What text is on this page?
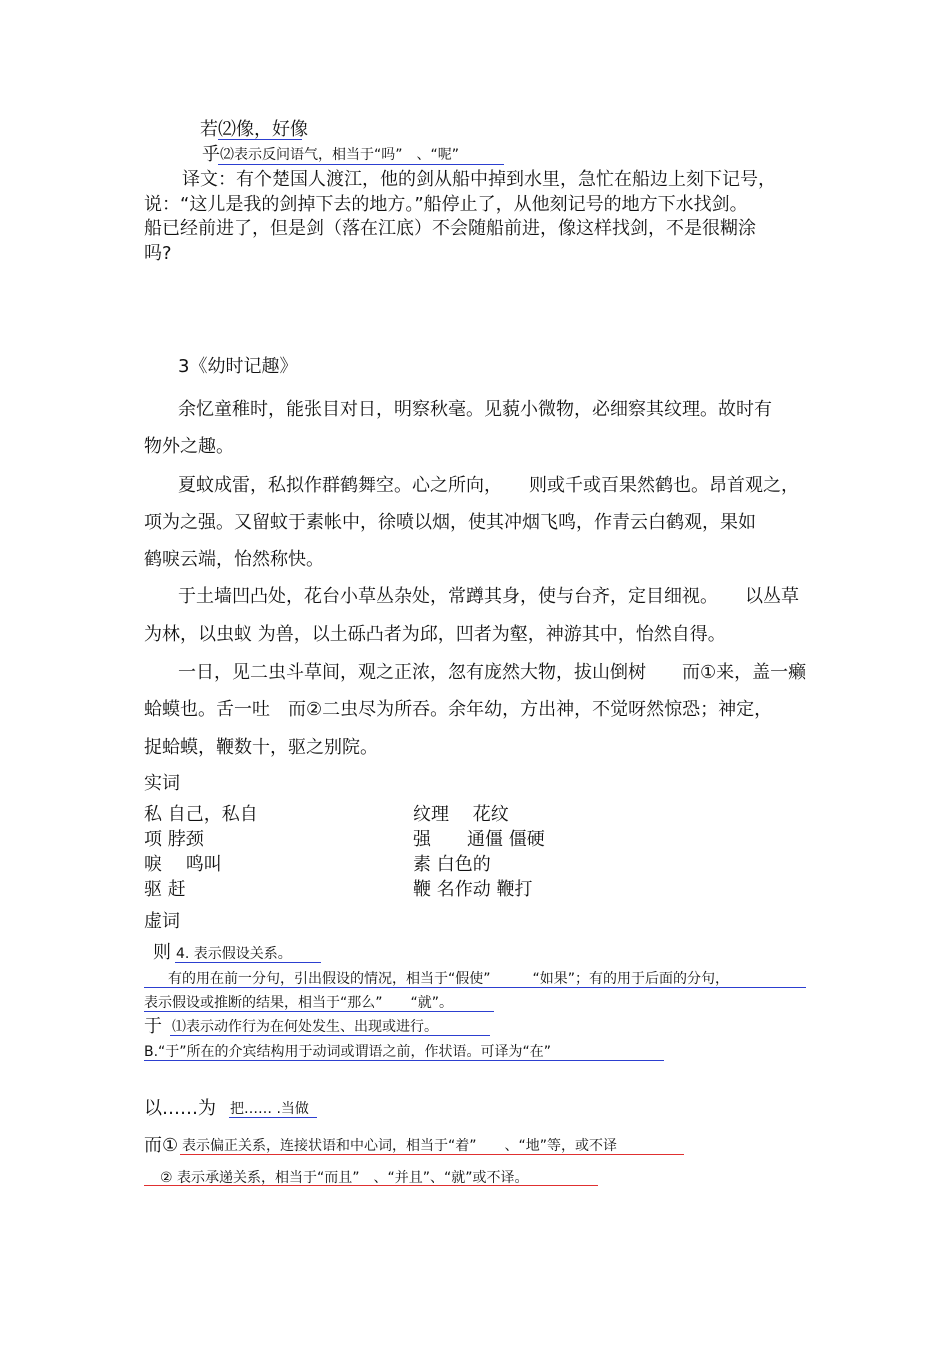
若⑵像，好像
乎 ⑵表示反问语气，相当于“吗”　、“呢”
译文：有个楚国人渡江，他的剑从船中掉到水里，急忙在船边上刻下记号，
说：“这儿是我的剑掉下去的地方。”船停止了，从他刻记号的地方下水找剑。
船已经前进了，但是剑（落在江底）不会随船前进，像这样找剑，不是很糊涂
吗?
3《幼时记趣》
余忆童稚时，能张目对日，明察秋毫。见藐小微物，必细察其纹理。故时有
物外之趣。
夏蚊成雷，私拟作群鹤舞空。心之所向，　　则或千或百果然鹤也。昂首观之，
项为之强。又留蚊于素帐中，徐喷以烟，使其冲烟飞鸣，作青云白鹤观，果如
鹤唳云端，怡然称快。
于土墙凹凸处，花台小草丛杂处，常蹲其身，使与台齐，定目细视。　　以丛草
为林，以虫蚁 为兽，以土砾凸者为邱，凹者为壑，神游其中，怡然自得。
一日，见二虫斗草间，观之正浓，忽有庞然大物，拔山倒树　　而①来，盖一癞
蛤蟆也。舌一吐　而②二虫尽为所吞。余年幼，方出神，不觉呀然惊恐；神定，
捉蛤蟆，鞭数十，驱之别院。
实词
私 自己，私自
项 脖颈
唳　 鸣叫
驱 赶
纹理　 花纹
强　　通僵 僵硬
素 白色的
鞭 名作动 鞭打
虚词
则 4. 表示假设关系。
有的用在前一分句，引出假设的情况，相当于“假使”　　　“如果”；有的用于后面的分句，
表示假设或推断的结果，相当于“那么”　　“就”。
于 ⑴表示动作行为在何处发生、出现或进行。
B.“于”所在的介宾结构用于动词或谓语之前，作状语。可译为“在”
以……为 把…… .当做
而① 表示偏正关系，连接状语和中心词，相当于“着”　　、“地”等，或不译
② 表示承递关系，相当于“而且”　、“并且”、“就”或不译。
